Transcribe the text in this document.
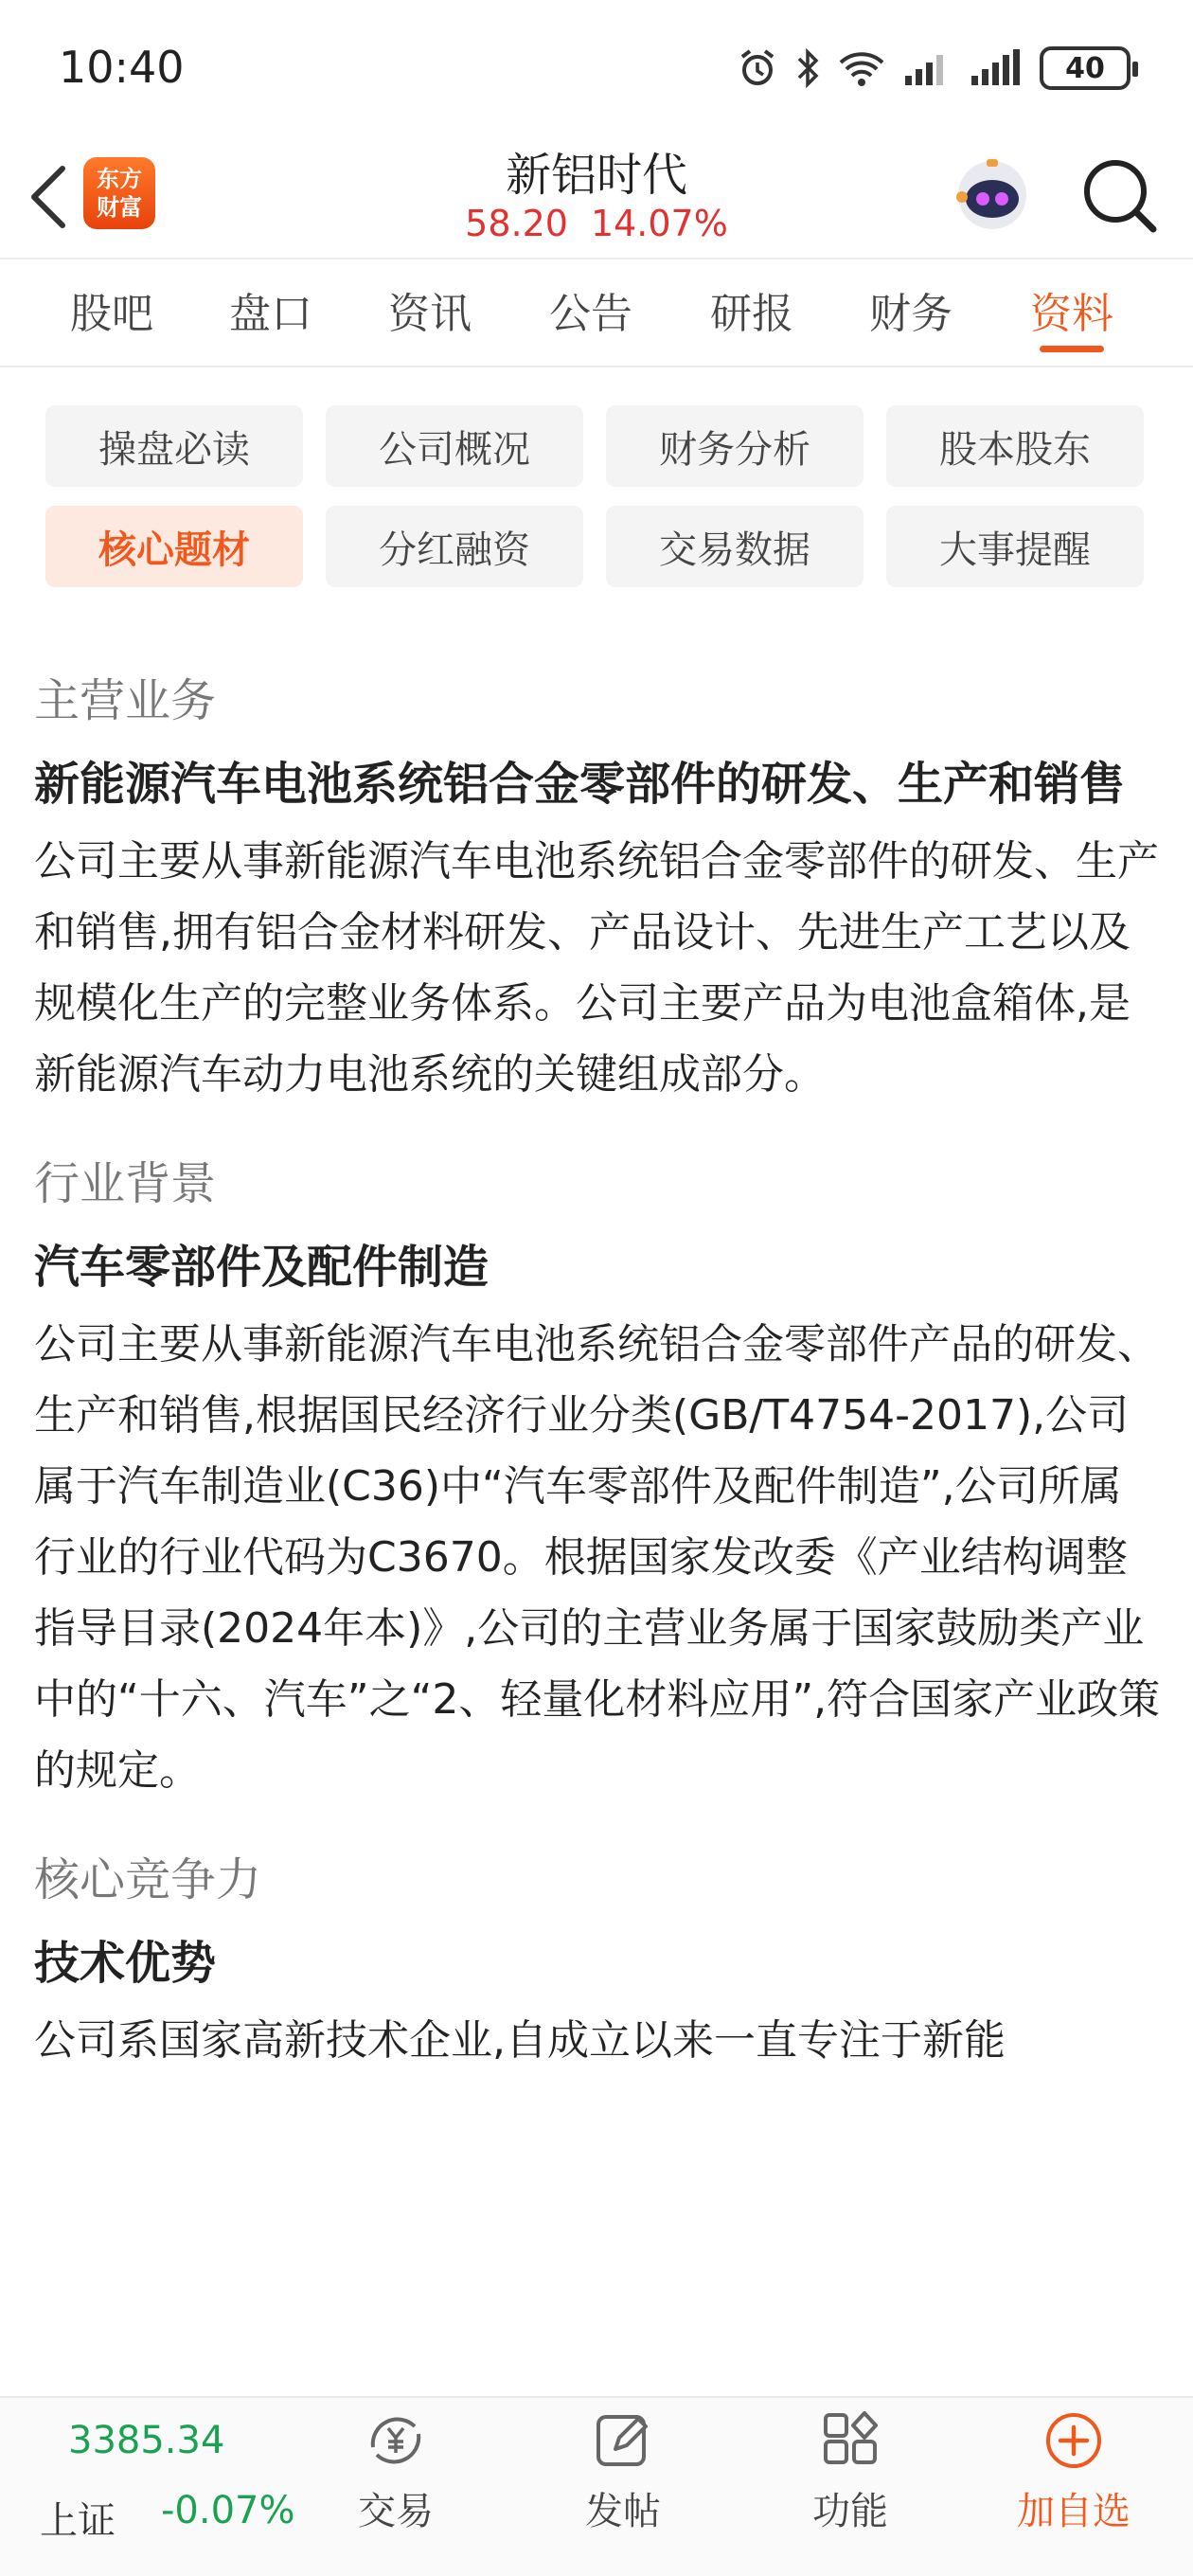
10:40	40
东方
财富
新铝时代
58.20 14.07%
股吧 盘口 资讯 公告 研报 财务 资料
操盘必读	公司概况	财务分析	股本股东
核心题材	分红融资	交易数据	大事提醒
主营业务
新能源汽车电池系统铝合金零部件的研发、生产和销售
公司主要从事新能源汽车电池系统铝合金零部件的研发、生产和销售,拥有铝合金材料研发、产品设计、先进生产工艺以及规模化生产的完整业务体系。公司主要产品为电池盒箱体,是新能源汽车动力电池系统的关键组成部分。
行业背景
汽车零部件及配件制造
公司主要从事新能源汽车电池系统铝合金零部件产品的研发、生产和销售,根据国民经济行业分类(GB/T4754-2017),公司属于汽车制造业(C36)中“汽车零部件及配件制造”,公司所属行业的行业代码为C3670。根据国家发改委《产业结构调整指导目录(2024年本)》,公司的主营业务属于国家鼓励类产业中的“十六、汽车”之“2、轻量化材料应用”,符合国家产业政策的规定。
核心竞争力
技术优势
公司系国家高新技术企业,自成立以来一直专注于新能
3385.34
上证 -0.07%	交易	发帖	功能	加自选
